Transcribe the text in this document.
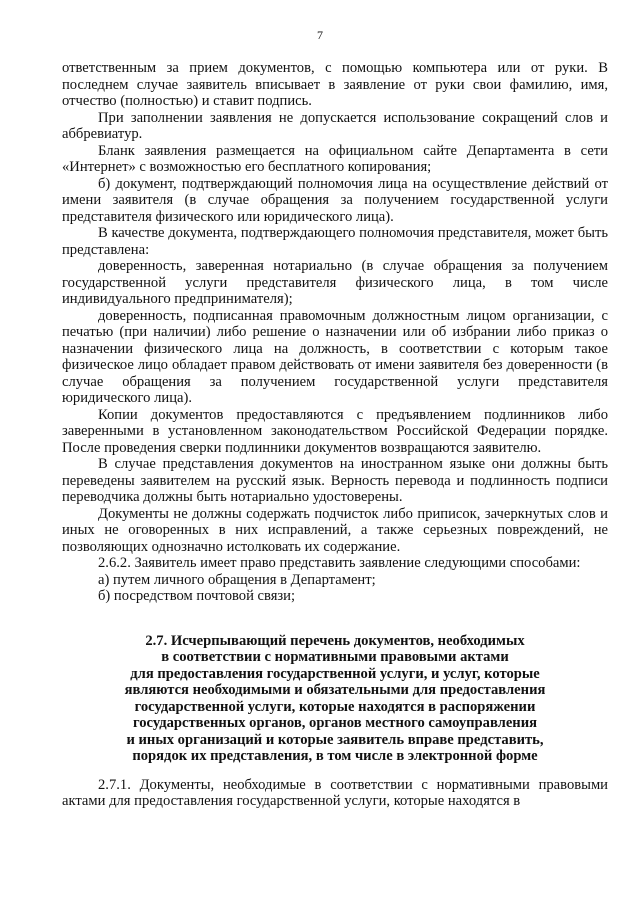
7

ответственным за прием документов, с помощью компьютера или от руки. В последнем случае заявитель вписывает в заявление от руки свои фамилию, имя, отчество (полностью) и ставит подпись.

При заполнении заявления не допускается использование сокращений слов и аббревиатур.

Бланк заявления размещается на официальном сайте Департамента в сети «Интернет» с возможностью его бесплатного копирования;

б) документ, подтверждающий полномочия лица на осуществление действий от имени заявителя (в случае обращения за получением государственной услуги представителя физического или юридического лица).

В качестве документа, подтверждающего полномочия представителя, может быть представлена:

доверенность, заверенная нотариально (в случае обращения за получением государственной услуги представителя физического лица, в том числе индивидуального предпринимателя);

доверенность, подписанная правомочным должностным лицом организации, с печатью (при наличии) либо решение о назначении или об избрании либо приказ о назначении физического лица на должность, в соответствии с которым такое физическое лицо обладает правом действовать от имени заявителя без доверенности (в случае обращения за получением государственной услуги представителя юридического лица).

Копии документов предоставляются с предъявлением подлинников либо заверенными в установленном законодательством Российской Федерации порядке. После проведения сверки подлинники документов возвращаются заявителю.

В случае представления документов на иностранном языке они должны быть переведены заявителем на русский язык. Верность перевода и подлинность подписи переводчика должны быть нотариально удостоверены.

Документы не должны содержать подчисток либо приписок, зачеркнутых слов и иных не оговоренных в них исправлений, а также серьезных повреждений, не позволяющих однозначно истолковать их содержание.

2.6.2. Заявитель имеет право представить заявление следующими способами:

а) путем личного обращения в Департамент;

б) посредством почтовой связи;

2.7. Исчерпывающий перечень документов, необходимых
в соответствии с нормативными правовыми актами
для предоставления государственной услуги, и услуг, которые
являются необходимыми и обязательными для предоставления
государственной услуги, которые находятся в распоряжении
государственных органов, органов местного самоуправления
и иных организаций и которые заявитель вправе представить,
порядок их представления, в том числе в электронной форме

2.7.1. Документы, необходимые в соответствии с нормативными правовыми актами для предоставления государственной услуги, которые находятся в
